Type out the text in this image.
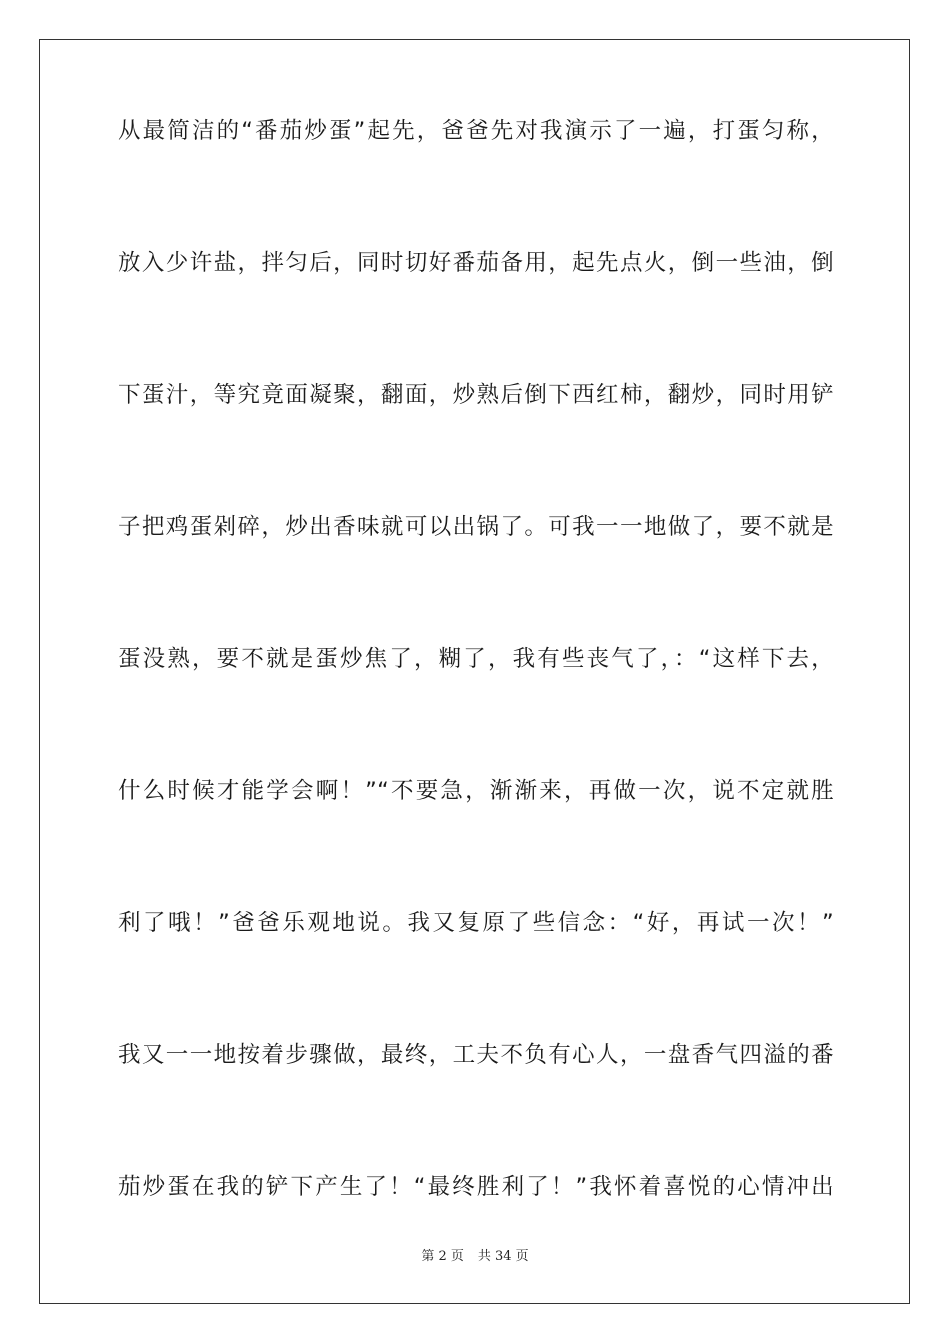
从最简洁的“番茄炒蛋”起先，爸爸先对我演示了一遍，打蛋匀称，
放入少许盐，拌匀后，同时切好番茄备用，起先点火，倒一些油，倒
下蛋汁，等究竟面凝聚，翻面，炒熟后倒下西红柿，翻炒，同时用铲
子把鸡蛋剁碎，炒出香味就可以出锅了。可我一一地做了，要不就是
蛋没熟，要不就是蛋炒焦了，糊了，我有些丧气了，：“这样下去，
什么时候才能学会啊！”“不要急，渐渐来，再做一次，说不定就胜
利了哦！”爸爸乐观地说。我又复原了些信念：“好，再试一次！”
我又一一地按着步骤做，最终，工夫不负有心人，一盘香气四溢的番
茄炒蛋在我的铲下产生了！“最终胜利了！”我怀着喜悦的心情冲出
第 2 页 共 34 页
